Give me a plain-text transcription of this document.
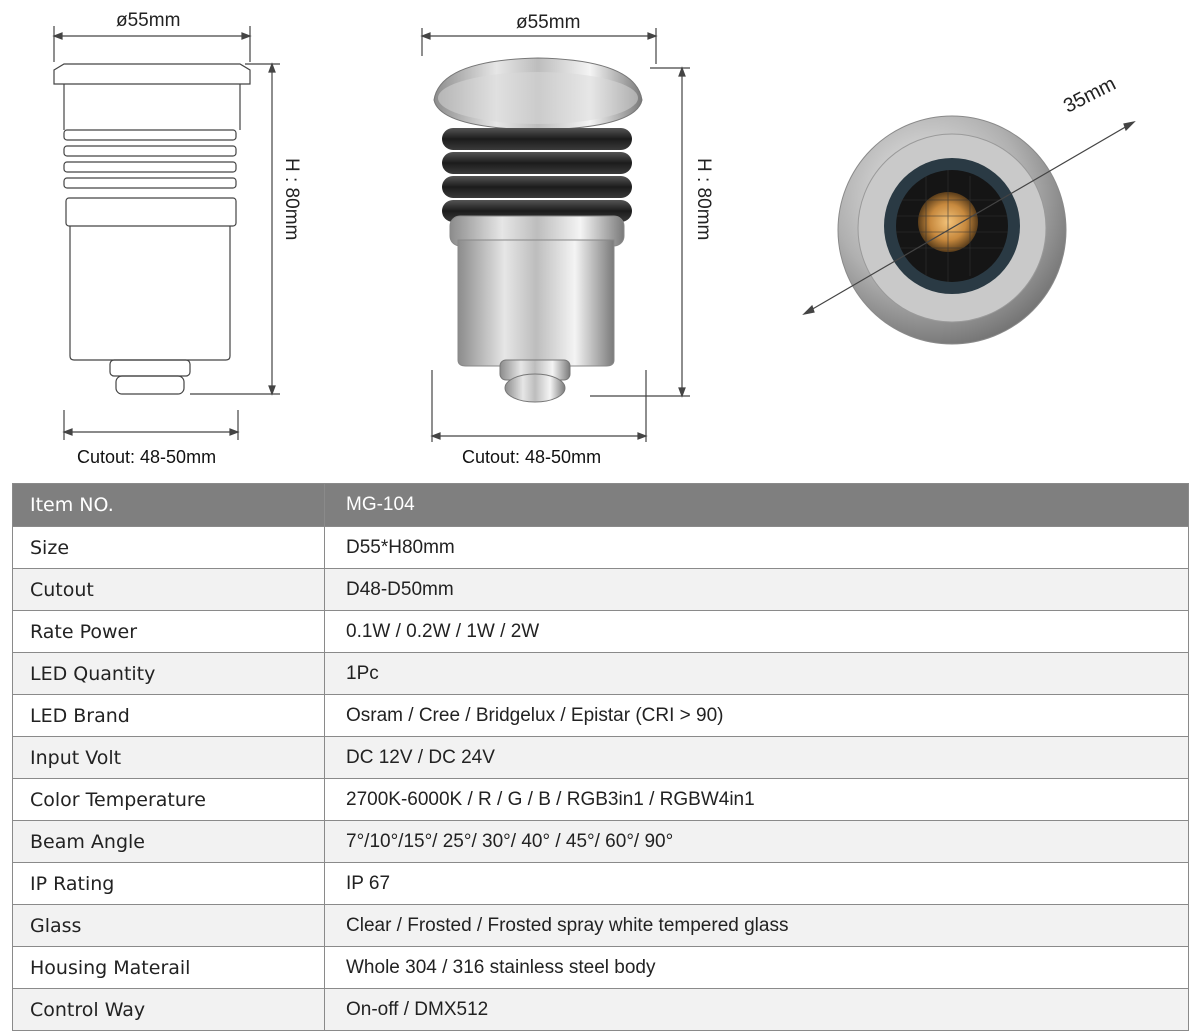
ø55mm
H : 80mm
Cutout: 48-50mm
ø55mm
H : 80mm
Cutout: 48-50mm
35mm
Item NO.	MG-104
Size	D55*H80mm
Cutout	D48-D50mm
Rate Power	0.1W / 0.2W / 1W / 2W
LED Quantity	1Pc
LED Brand	Osram / Cree / Bridgelux / Epistar (CRI > 90)
Input Volt	DC 12V / DC 24V
Color Temperature	2700K-6000K / R / G / B / RGB3in1 / RGBW4in1
Beam Angle	7°/10°/15°/ 25°/ 30°/ 40° / 45°/ 60°/ 90°
IP Rating	IP 67
Glass	Clear / Frosted / Frosted spray white tempered glass
Housing Materail	Whole 304 / 316 stainless steel body
Control Way	On-off / DMX512
